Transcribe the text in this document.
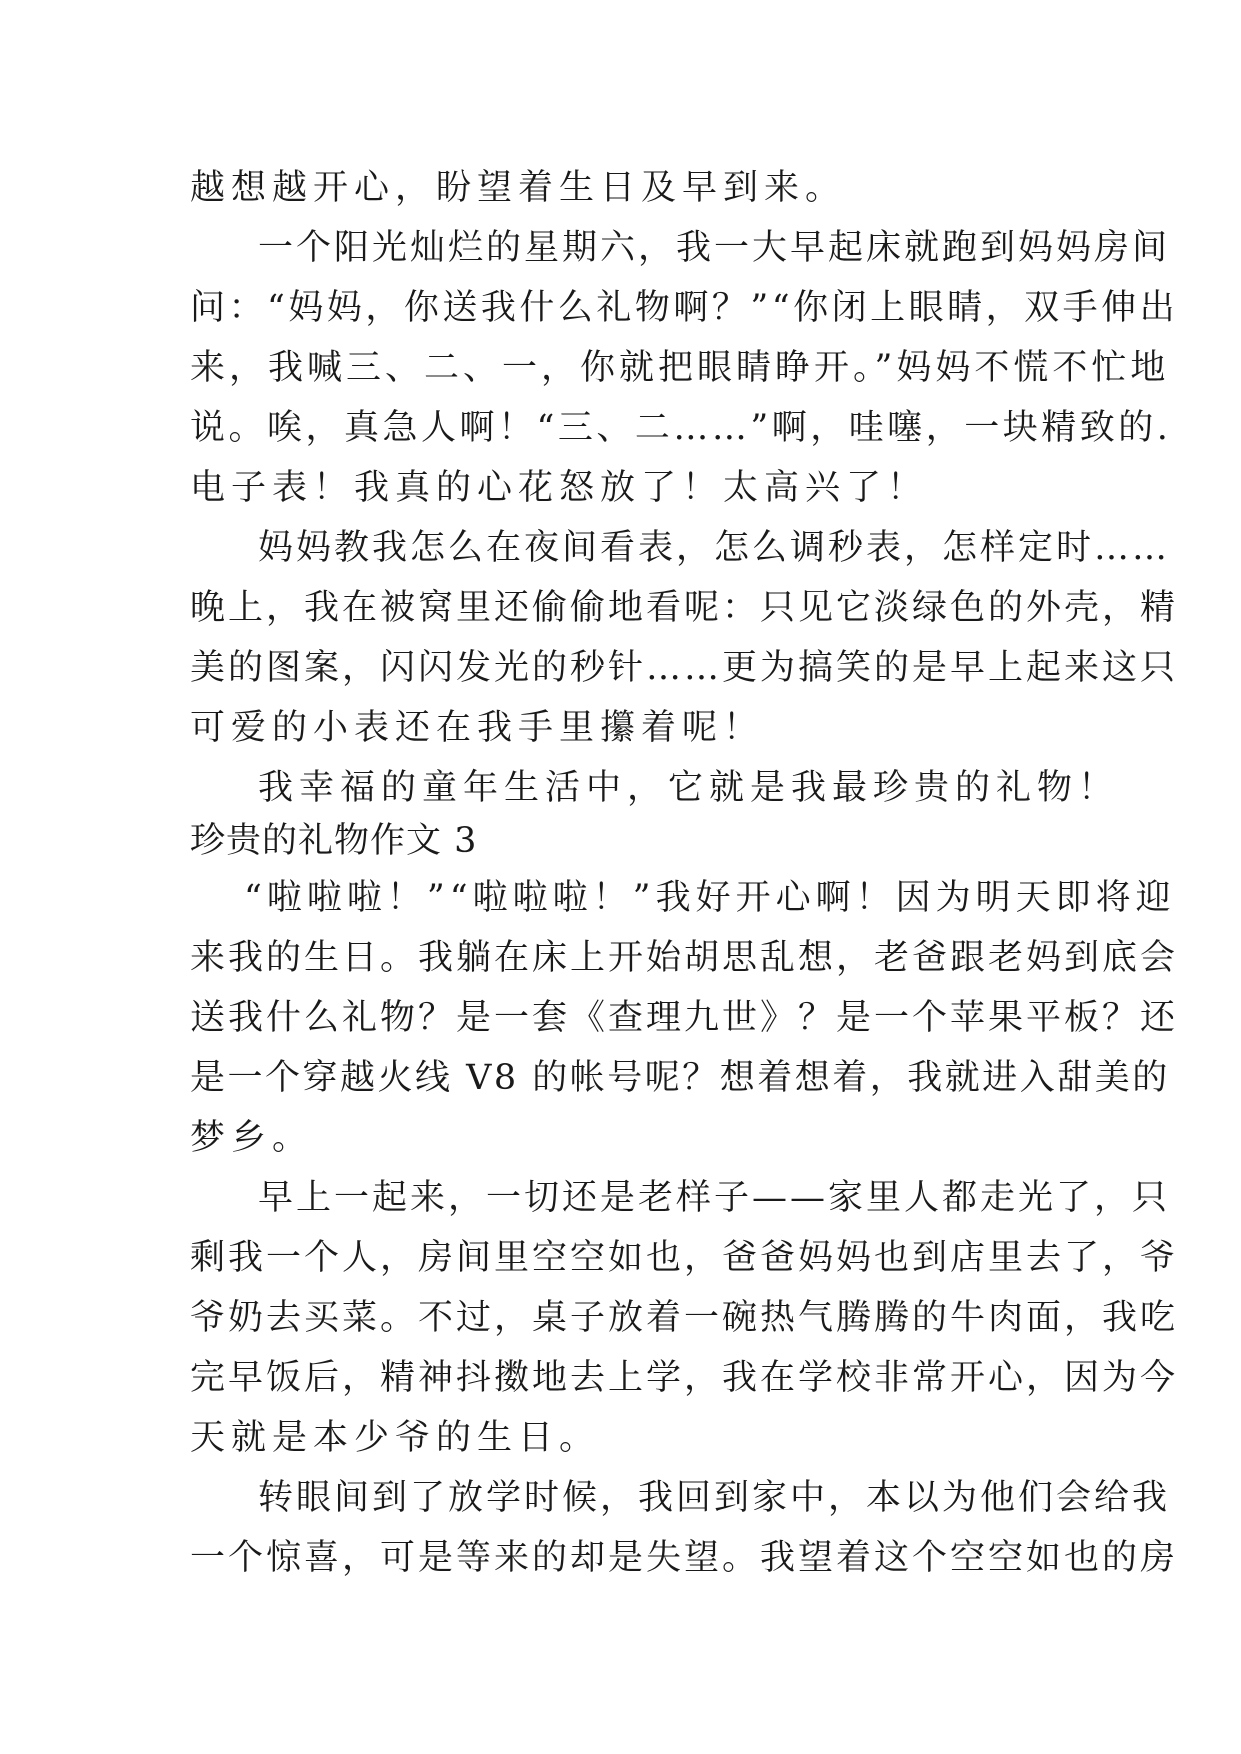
越想越开心，盼望着生日及早到来。
一个阳光灿烂的星期六，我一大早起床就跑到妈妈房间
问：“妈妈，你送我什么礼物啊？”“你闭上眼睛，双手伸出
来，我喊三、二、一，你就把眼睛睁开。”妈妈不慌不忙地
说。唉，真急人啊！“三、二……”啊，哇噻，一块精致的.
电子表！我真的心花怒放了！太高兴了！
妈妈教我怎么在夜间看表，怎么调秒表，怎样定时……
晚上，我在被窝里还偷偷地看呢：只见它淡绿色的外壳，精
美的图案，闪闪发光的秒针……更为搞笑的是早上起来这只
可爱的小表还在我手里攥着呢！
我幸福的童年生活中，它就是我最珍贵的礼物！
珍贵的礼物作文 3
“啦啦啦！”“啦啦啦！”我好开心啊！因为明天即将迎
来我的生日。我躺在床上开始胡思乱想，老爸跟老妈到底会
送我什么礼物？是一套《查理九世》？是一个苹果平板？还
是一个穿越火线 V8 的帐号呢？想着想着，我就进入甜美的
梦乡。
早上一起来，一切还是老样子——家里人都走光了，只
剩我一个人，房间里空空如也，爸爸妈妈也到店里去了，爷
爷奶去买菜。不过，桌子放着一碗热气腾腾的牛肉面，我吃
完早饭后，精神抖擞地去上学，我在学校非常开心，因为今
天就是本少爷的生日。
转眼间到了放学时候，我回到家中，本以为他们会给我
一个惊喜，可是等来的却是失望。我望着这个空空如也的房
